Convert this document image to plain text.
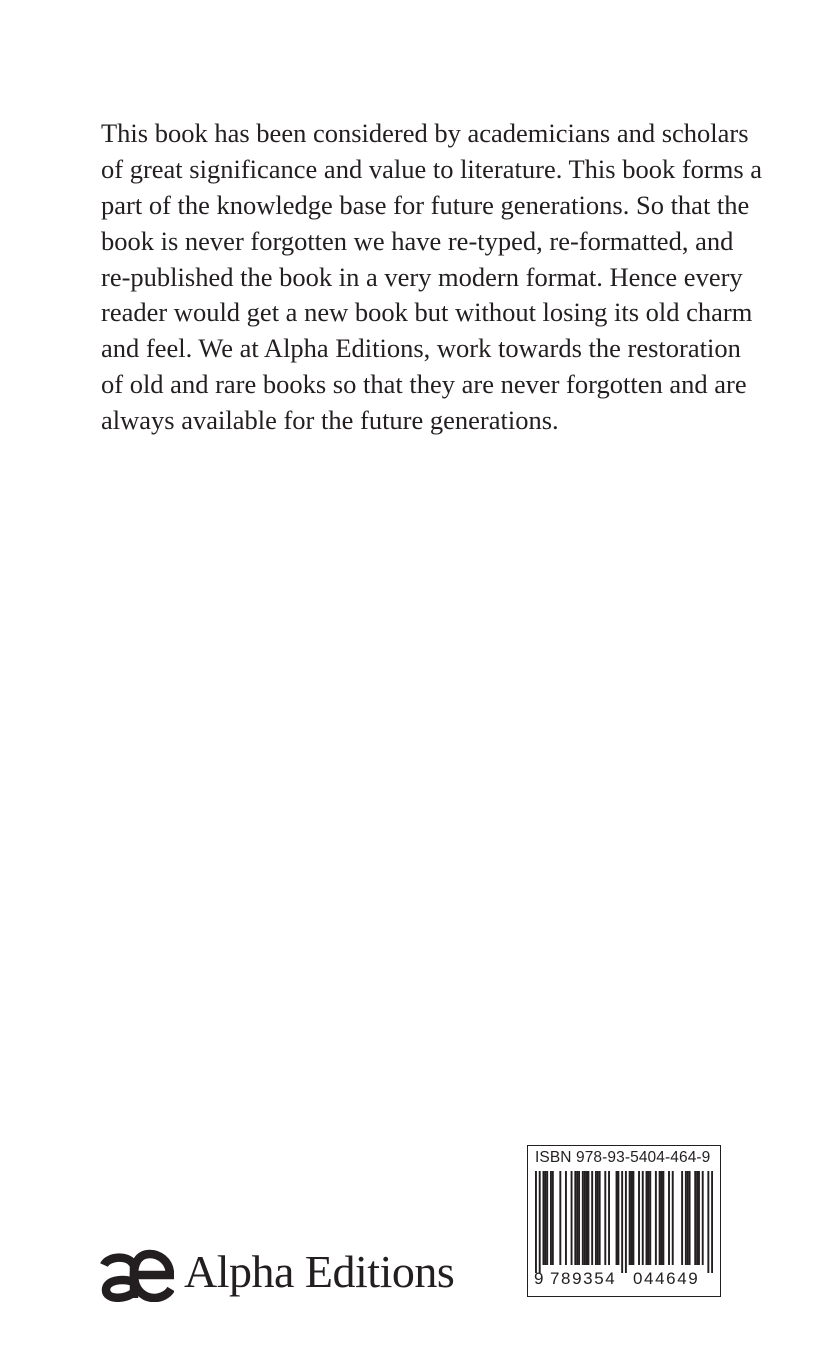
This book has been considered by academicians and scholars
of great significance and value to literature. This book forms a
part of the knowledge base for future generations. So that the
book is never forgotten we have re-typed, re-formatted, and
re-published the book in a very modern format. Hence every
reader would get a new book but without losing its old charm
and feel. We at Alpha Editions, work towards the restoration
of old and rare books so that they are never forgotten and are
always available for the future generations.
Alpha Editions
ISBN 978-93-5404-464-9
9 789354 044649
